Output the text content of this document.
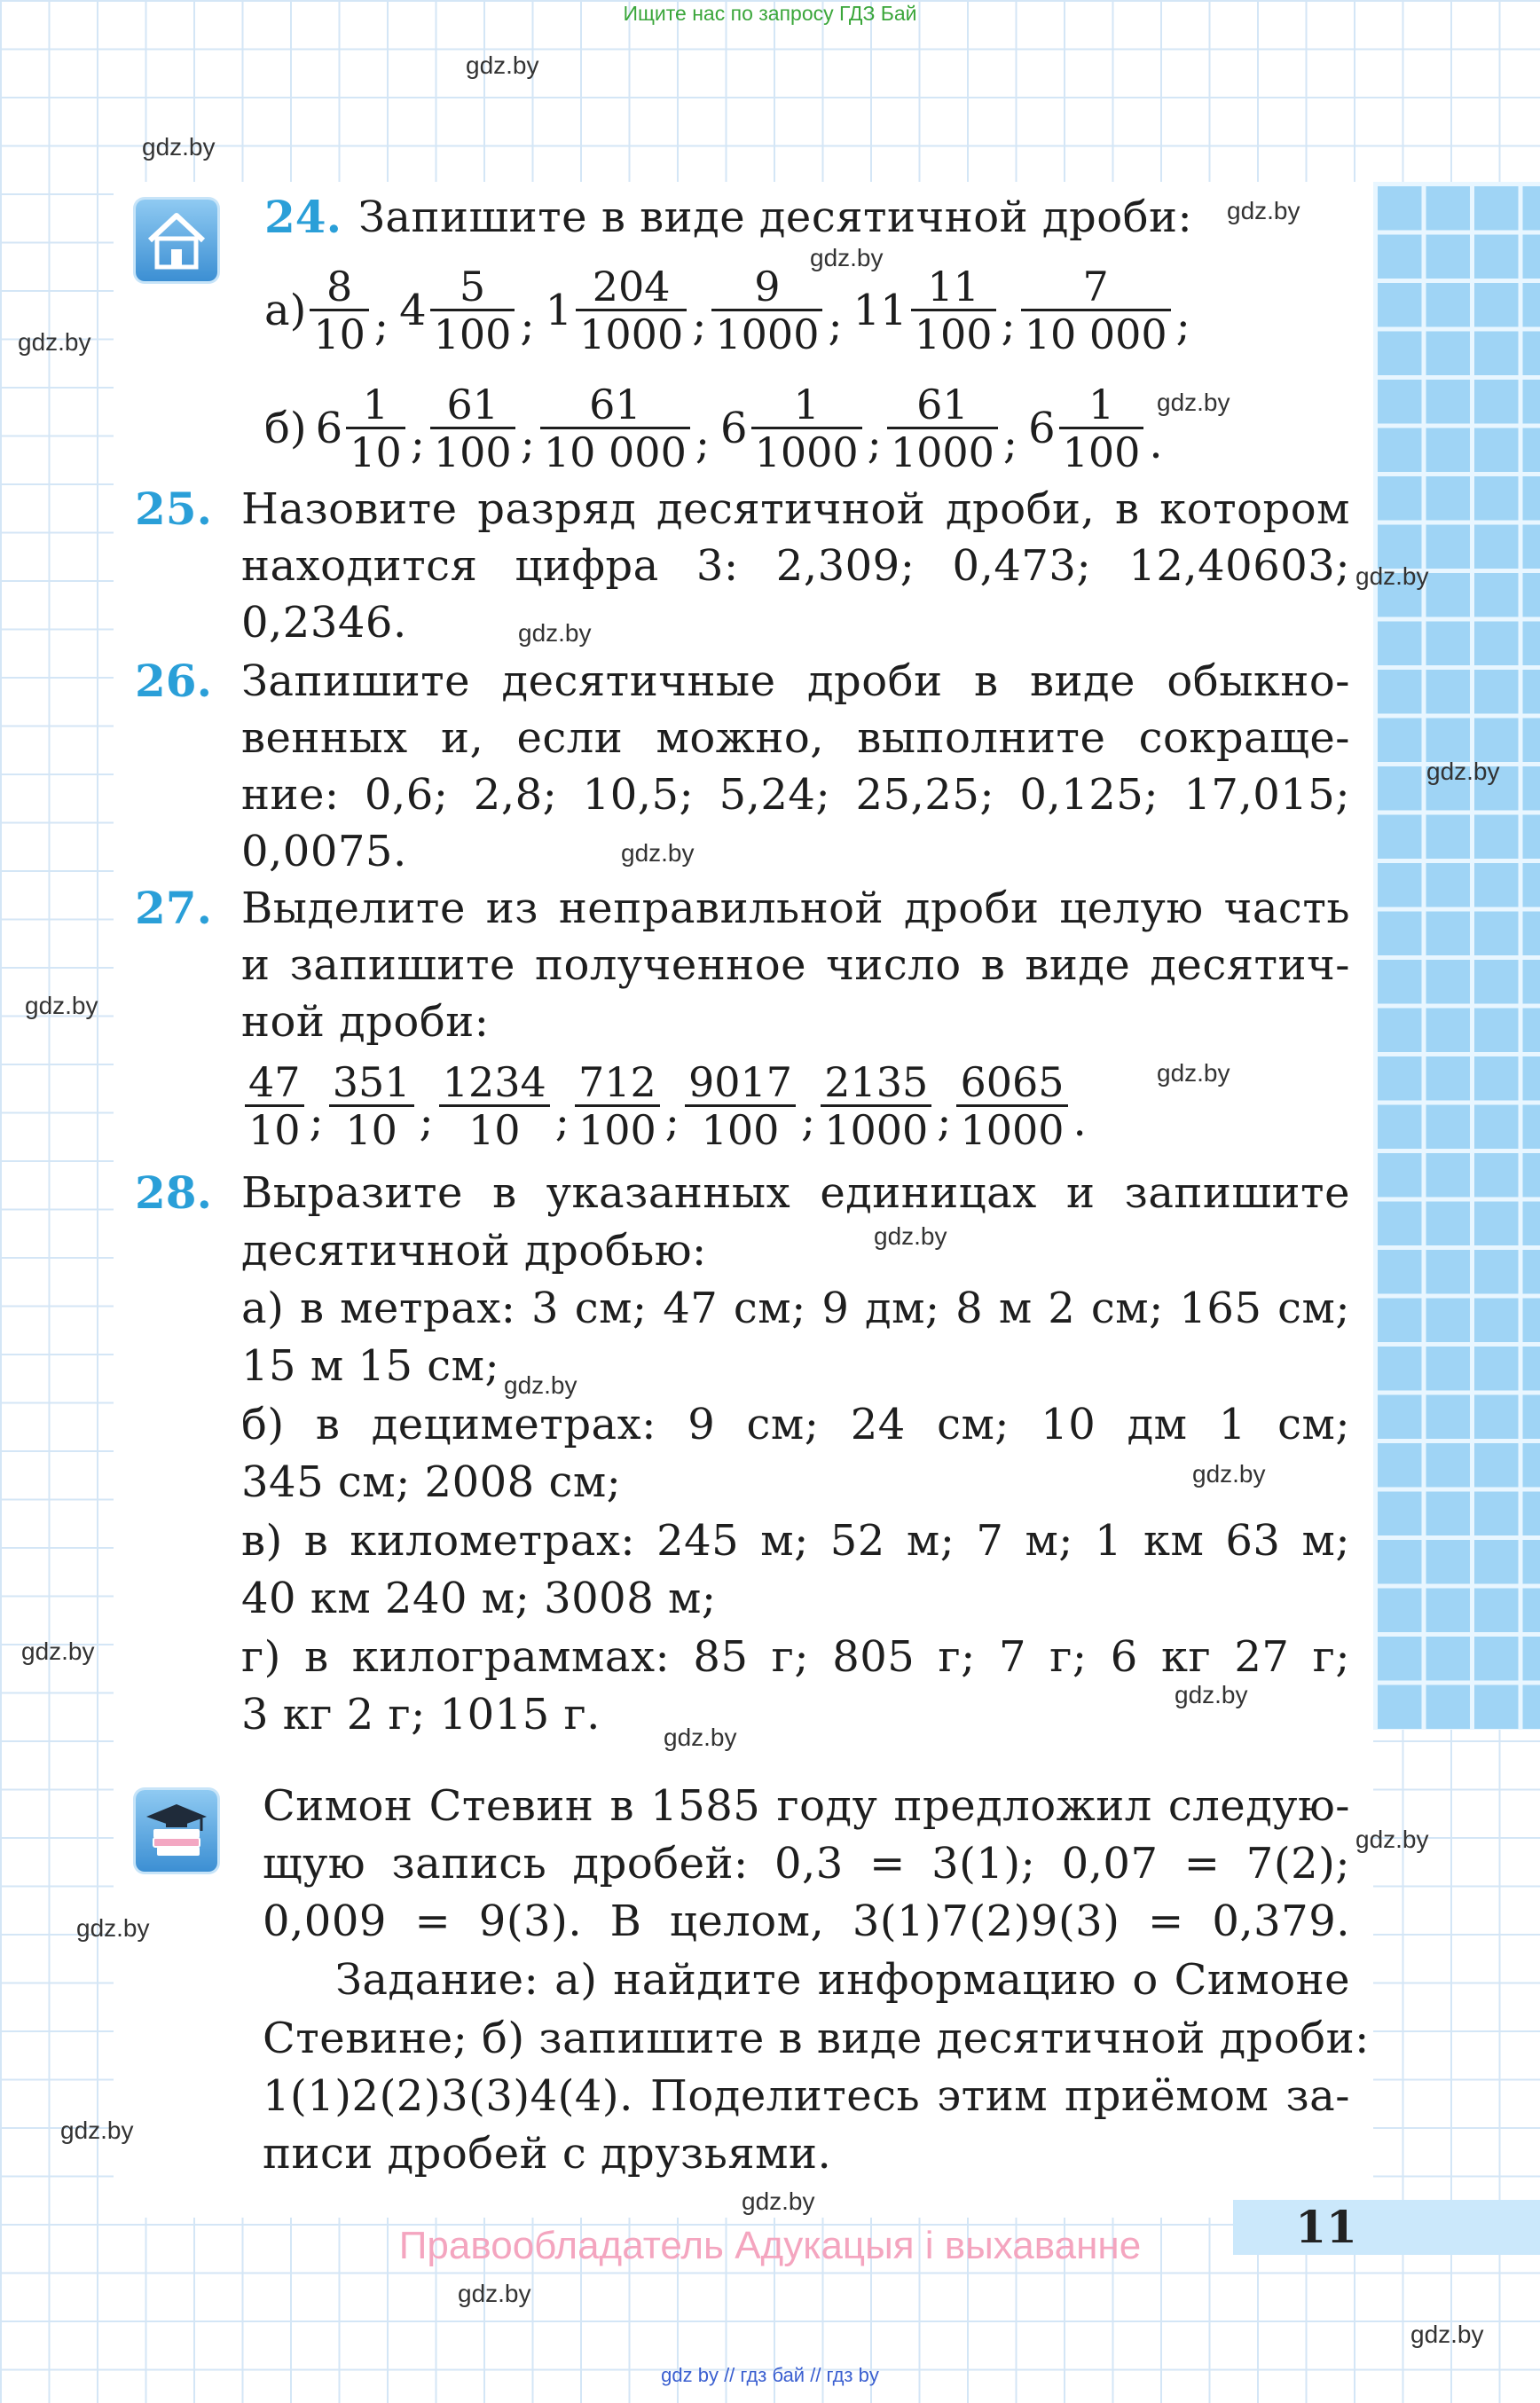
Ищите нас по запросу ГДЗ Бай
24. Запишите в виде десятичной дроби:
а) 8
10 ; 4 5
100 ; 1 204
1000 ;
9
1000 ; 11 11
100 ;
7
10 000 ;
б) 6 1
10 ;
61
100 ;
61
10 000 ; 6	1
1000 ;
61
1000 ; 6 1
100 .
25. Назовите разряд десятичной дроби, в котором
находится цифра 3: 2,309; 0,473; 12,40603;
0,2346.
26. Запишите десятичные дроби в виде обыкно-
венных и, если можно, выполните сокраще-
ние: 0,6; 2,8; 10,5; 5,24; 25,25; 0,125; 17,015;
0,0075.
27. Выделите из неправильной дроби целую часть
и запишите полученное число в виде десятич-
ной дроби:
47
10 ;
351
10 ;
1234
10 ;
712
100 ;
9017
100 ;
2135
1000 ;
6065
1000 .
28. Выразите в указанных единицах и запишите
десятичной дробью:
а) в метрах: 3 см; 47 см; 9 дм; 8 м 2 см; 165 см;
15 м 15 см;
б) в дециметрах: 9 см; 24 см; 10 дм 1 см;
345 см; 2008 см;
в) в километрах: 245 м; 52 м; 7 м; 1 км 63 м;
40 км 240 м; 3008 м;
г) в килограммах: 85 г; 805 г; 7 г; 6 кг 27 г;
3 кг 2 г; 1015 г.
Симон Стевин в 1585 году предложил следую-
щую запись дробей: 0,3 = 3(1); 0,07 = 7(2);
0,009 = 9(3). В целом, 3(1)7(2)9(3) = 0,379.
Задание: а) найдите информацию о Симоне
Стевине; б) запишите в виде десятичной дроби:
1(1)2(2)3(3)4(4). Поделитесь этим приёмом за-
писи дробей с друзьями.
11
Правообладатель Адукацыя і выхаванне
gdz.by
gdz.by
gdz.by
gdz.by
gdz.by
gdz.by
gdz.by
gdz.by
gdz.by
gdz.by
gdz.by
gdz.by
gdz.by
gdz.by
gdz.by
gdz.by
gdz.by
gdz.by
gdz.by
gdz.by
gdz.by
gdz.by
gdz.by
gdz.by
gdz by // гдз бай // гдз by
